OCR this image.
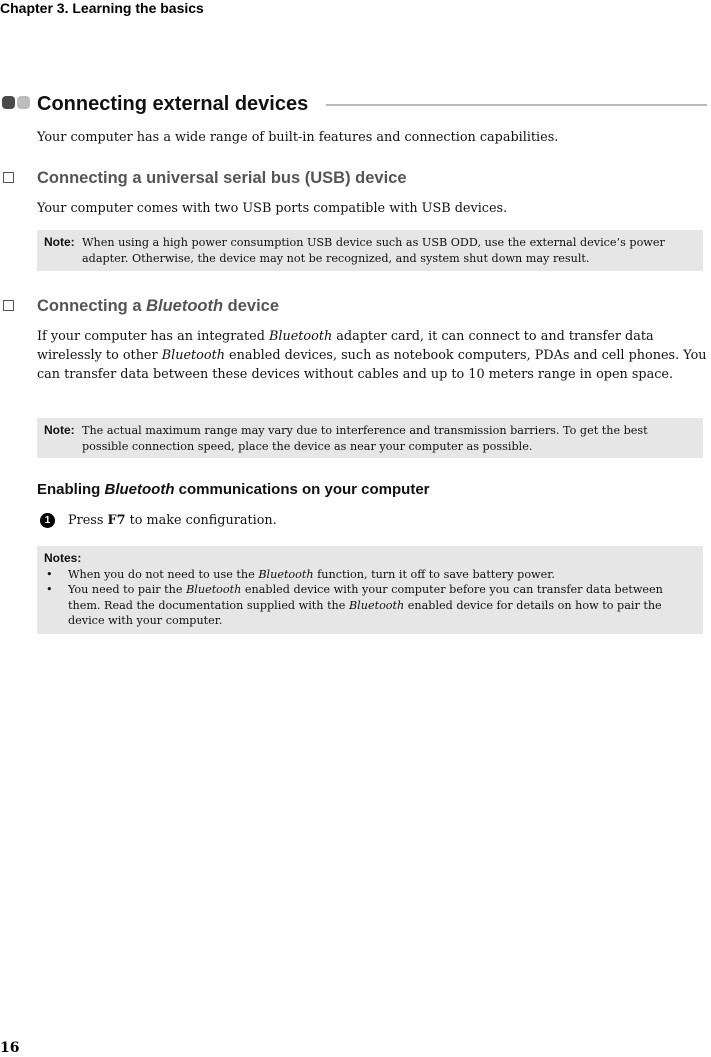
Chapter 3. Learning the basics
Connecting external devices
Your computer has a wide range of built-in features and connection capabilities.
Connecting a universal serial bus (USB) device
Your computer comes with two USB ports compatible with USB devices.
Note: When using a high power consumption USB device such as USB ODD, use the external device’s power adapter. Otherwise, the device may not be recognized, and system shut down may result.
Connecting a Bluetooth device
If your computer has an integrated Bluetooth adapter card, it can connect to and transfer data wirelessly to other Bluetooth enabled devices, such as notebook computers, PDAs and cell phones. You can transfer data between these devices without cables and up to 10 meters range in open space.
Note: The actual maximum range may vary due to interference and transmission barriers. To get the best possible connection speed, place the device as near your computer as possible.
Enabling Bluetooth communications on your computer
1	Press F7 to make configuration.
Notes:
•	When you do not need to use the Bluetooth function, turn it off to save battery power.
•	You need to pair the Bluetooth enabled device with your computer before you can transfer data between them. Read the documentation supplied with the Bluetooth enabled device for details on how to pair the device with your computer.
16
